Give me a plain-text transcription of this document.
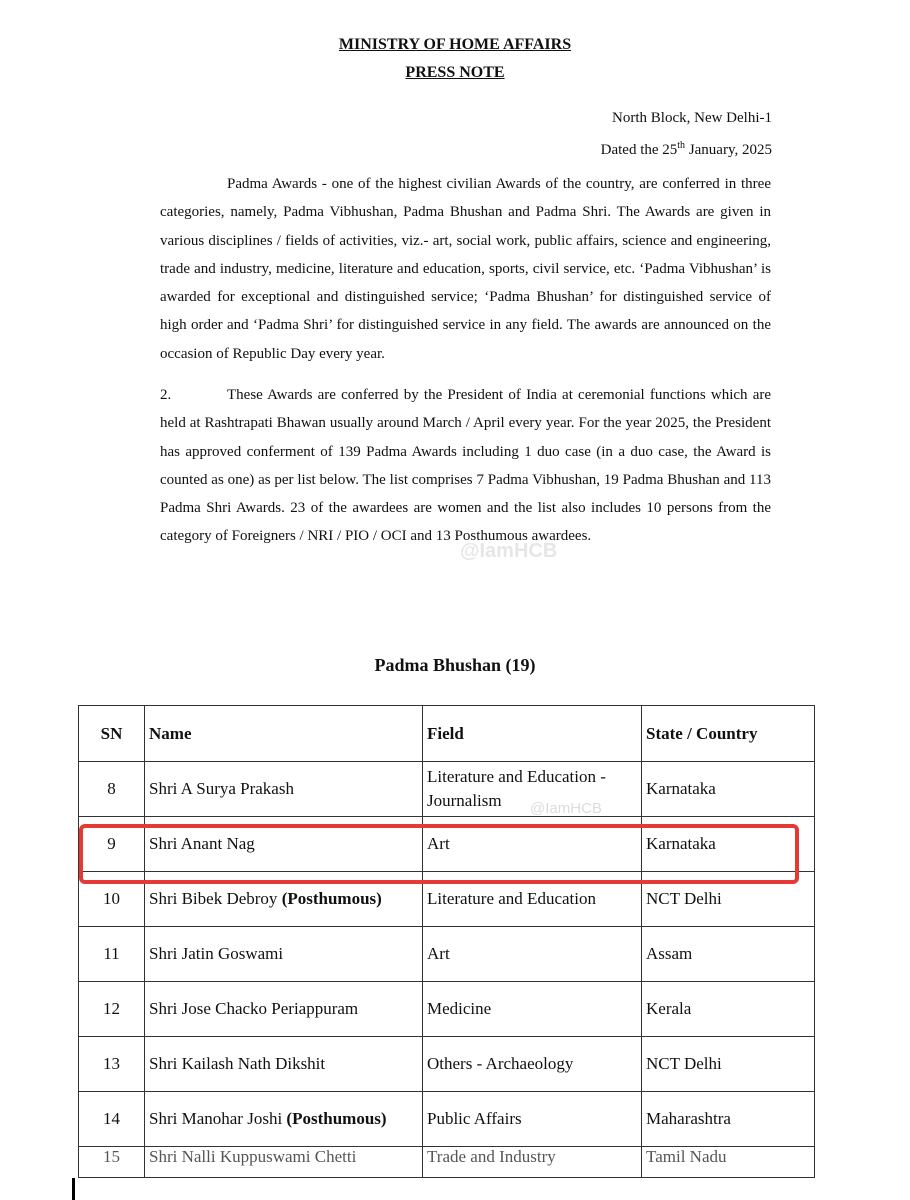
MINISTRY OF HOME AFFAIRS
PRESS NOTE
North Block, New Delhi-1
Dated the 25th January, 2025
Padma Awards - one of the highest civilian Awards of the country, are conferred in three categories, namely, Padma Vibhushan, Padma Bhushan and Padma Shri. The Awards are given in various disciplines / fields of activities, viz.- art, social work, public affairs, science and engineering, trade and industry, medicine, literature and education, sports, civil service, etc. ‘Padma Vibhushan’ is awarded for exceptional and distinguished service; ‘Padma Bhushan’ for distinguished service of high order and ‘Padma Shri’ for distinguished service in any field. The awards are announced on the occasion of Republic Day every year.
2.	These Awards are conferred by the President of India at ceremonial functions which are held at Rashtrapati Bhawan usually around March / April every year. For the year 2025, the President has approved conferment of 139 Padma Awards including 1 duo case (in a duo case, the Award is counted as one) as per list below. The list comprises 7 Padma Vibhushan, 19 Padma Bhushan and 113 Padma Shri Awards. 23 of the awardees are women and the list also includes 10 persons from the category of Foreigners / NRI / PIO / OCI and 13 Posthumous awardees.
@IamHCB
Padma Bhushan (19)
SN	Name	Field	State / Country
8	Shri A Surya Prakash	Literature and Education - Journalism	Karnataka
9	Shri Anant Nag	Art	Karnataka
10	Shri Bibek Debroy (Posthumous)	Literature and Education	NCT Delhi
11	Shri Jatin Goswami	Art	Assam
12	Shri Jose Chacko Periappuram	Medicine	Kerala
13	Shri Kailash Nath Dikshit	Others - Archaeology	NCT Delhi
14	Shri Manohar Joshi (Posthumous)	Public Affairs	Maharashtra
15	Shri Nalli Kuppuswami Chetti	Trade and Industry	Tamil Nadu
@IamHCB
